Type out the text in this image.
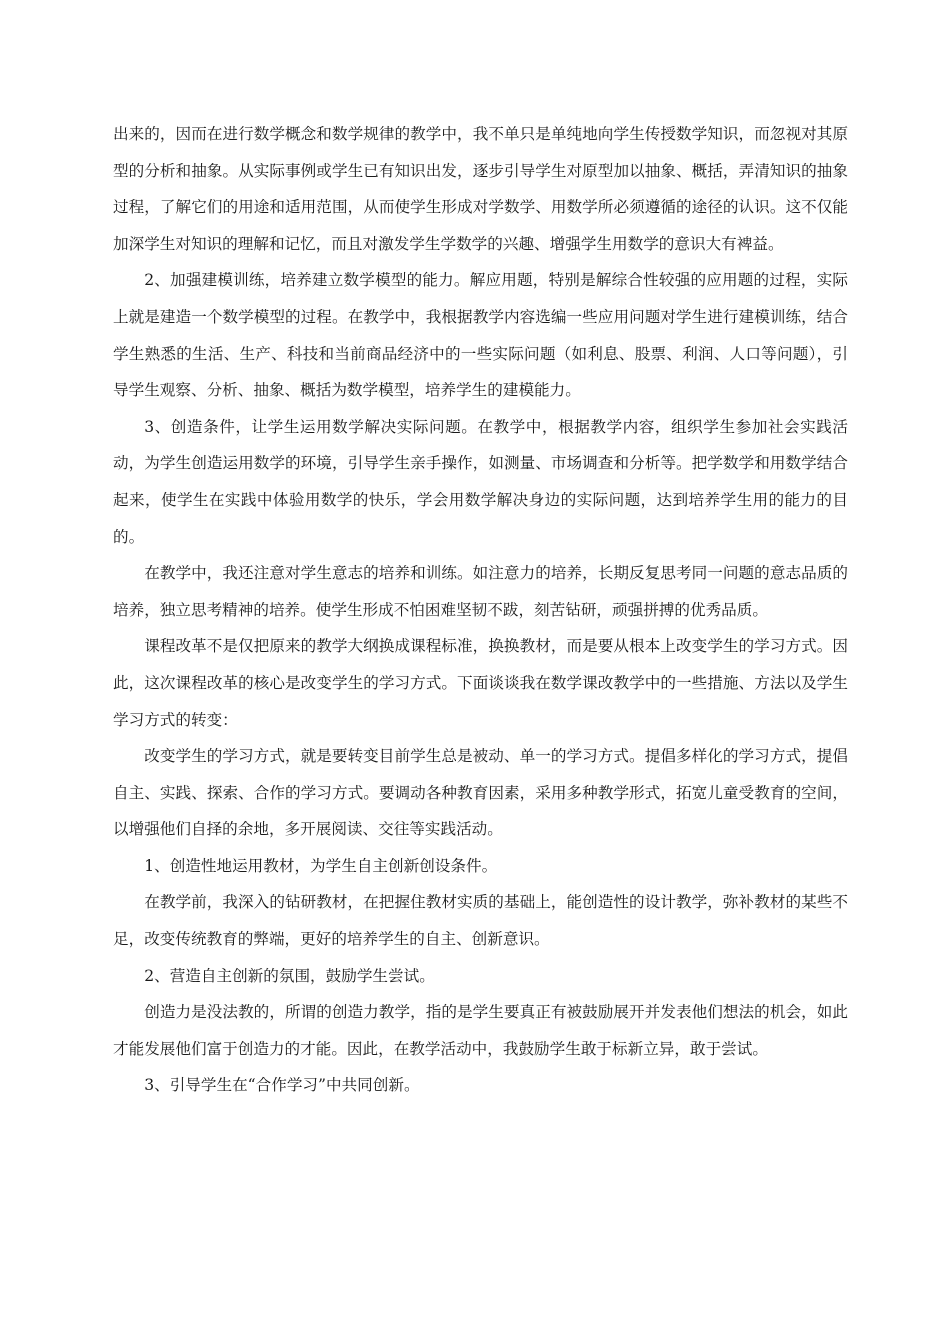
出来的，因而在进行数学概念和数学规律的教学中，我不单只是单纯地向学生传授数学知识，而忽视对其原型的分析和抽象。从实际事例或学生已有知识出发，逐步引导学生对原型加以抽象、概括，弄清知识的抽象过程，了解它们的用途和适用范围，从而使学生形成对学数学、用数学所必须遵循的途径的认识。这不仅能加深学生对知识的理解和记忆，而且对激发学生学数学的兴趣、增强学生用数学的意识大有裨益。

2、加强建模训练，培养建立数学模型的能力。解应用题，特别是解综合性较强的应用题的过程，实际上就是建造一个数学模型的过程。在教学中，我根据教学内容选编一些应用问题对学生进行建模训练，结合学生熟悉的生活、生产、科技和当前商品经济中的一些实际问题（如利息、股票、利润、人口等问题），引导学生观察、分析、抽象、概括为数学模型，培养学生的建模能力。

3、创造条件，让学生运用数学解决实际问题。在教学中，根据教学内容，组织学生参加社会实践活动，为学生创造运用数学的环境，引导学生亲手操作，如测量、市场调查和分析等。把学数学和用数学结合起来，使学生在实践中体验用数学的快乐，学会用数学解决身边的实际问题，达到培养学生用的能力的目的。

在教学中，我还注意对学生意志的培养和训练。如注意力的培养，长期反复思考同一问题的意志品质的培养，独立思考精神的培养。使学生形成不怕困难坚韧不跋，刻苦钻研，顽强拼搏的优秀品质。

课程改革不是仅把原来的教学大纲换成课程标准，换换教材，而是要从根本上改变学生的学习方式。因此，这次课程改革的核心是改变学生的学习方式。下面谈谈我在数学课改教学中的一些措施、方法以及学生学习方式的转变：

改变学生的学习方式，就是要转变目前学生总是被动、单一的学习方式。提倡多样化的学习方式，提倡自主、实践、探索、合作的学习方式。要调动各种教育因素，采用多种教学形式，拓宽儿童受教育的空间，以增强他们自择的余地，多开展阅读、交往等实践活动。

1、创造性地运用教材，为学生自主创新创设条件。

在教学前，我深入的钻研教材，在把握住教材实质的基础上，能创造性的设计教学，弥补教材的某些不足，改变传统教育的弊端，更好的培养学生的自主、创新意识。

2、营造自主创新的氛围，鼓励学生尝试。

创造力是没法教的，所谓的创造力教学，指的是学生要真正有被鼓励展开并发表他们想法的机会，如此才能发展他们富于创造力的才能。因此，在教学活动中，我鼓励学生敢于标新立异，敢于尝试。

3、引导学生在“合作学习”中共同创新。
